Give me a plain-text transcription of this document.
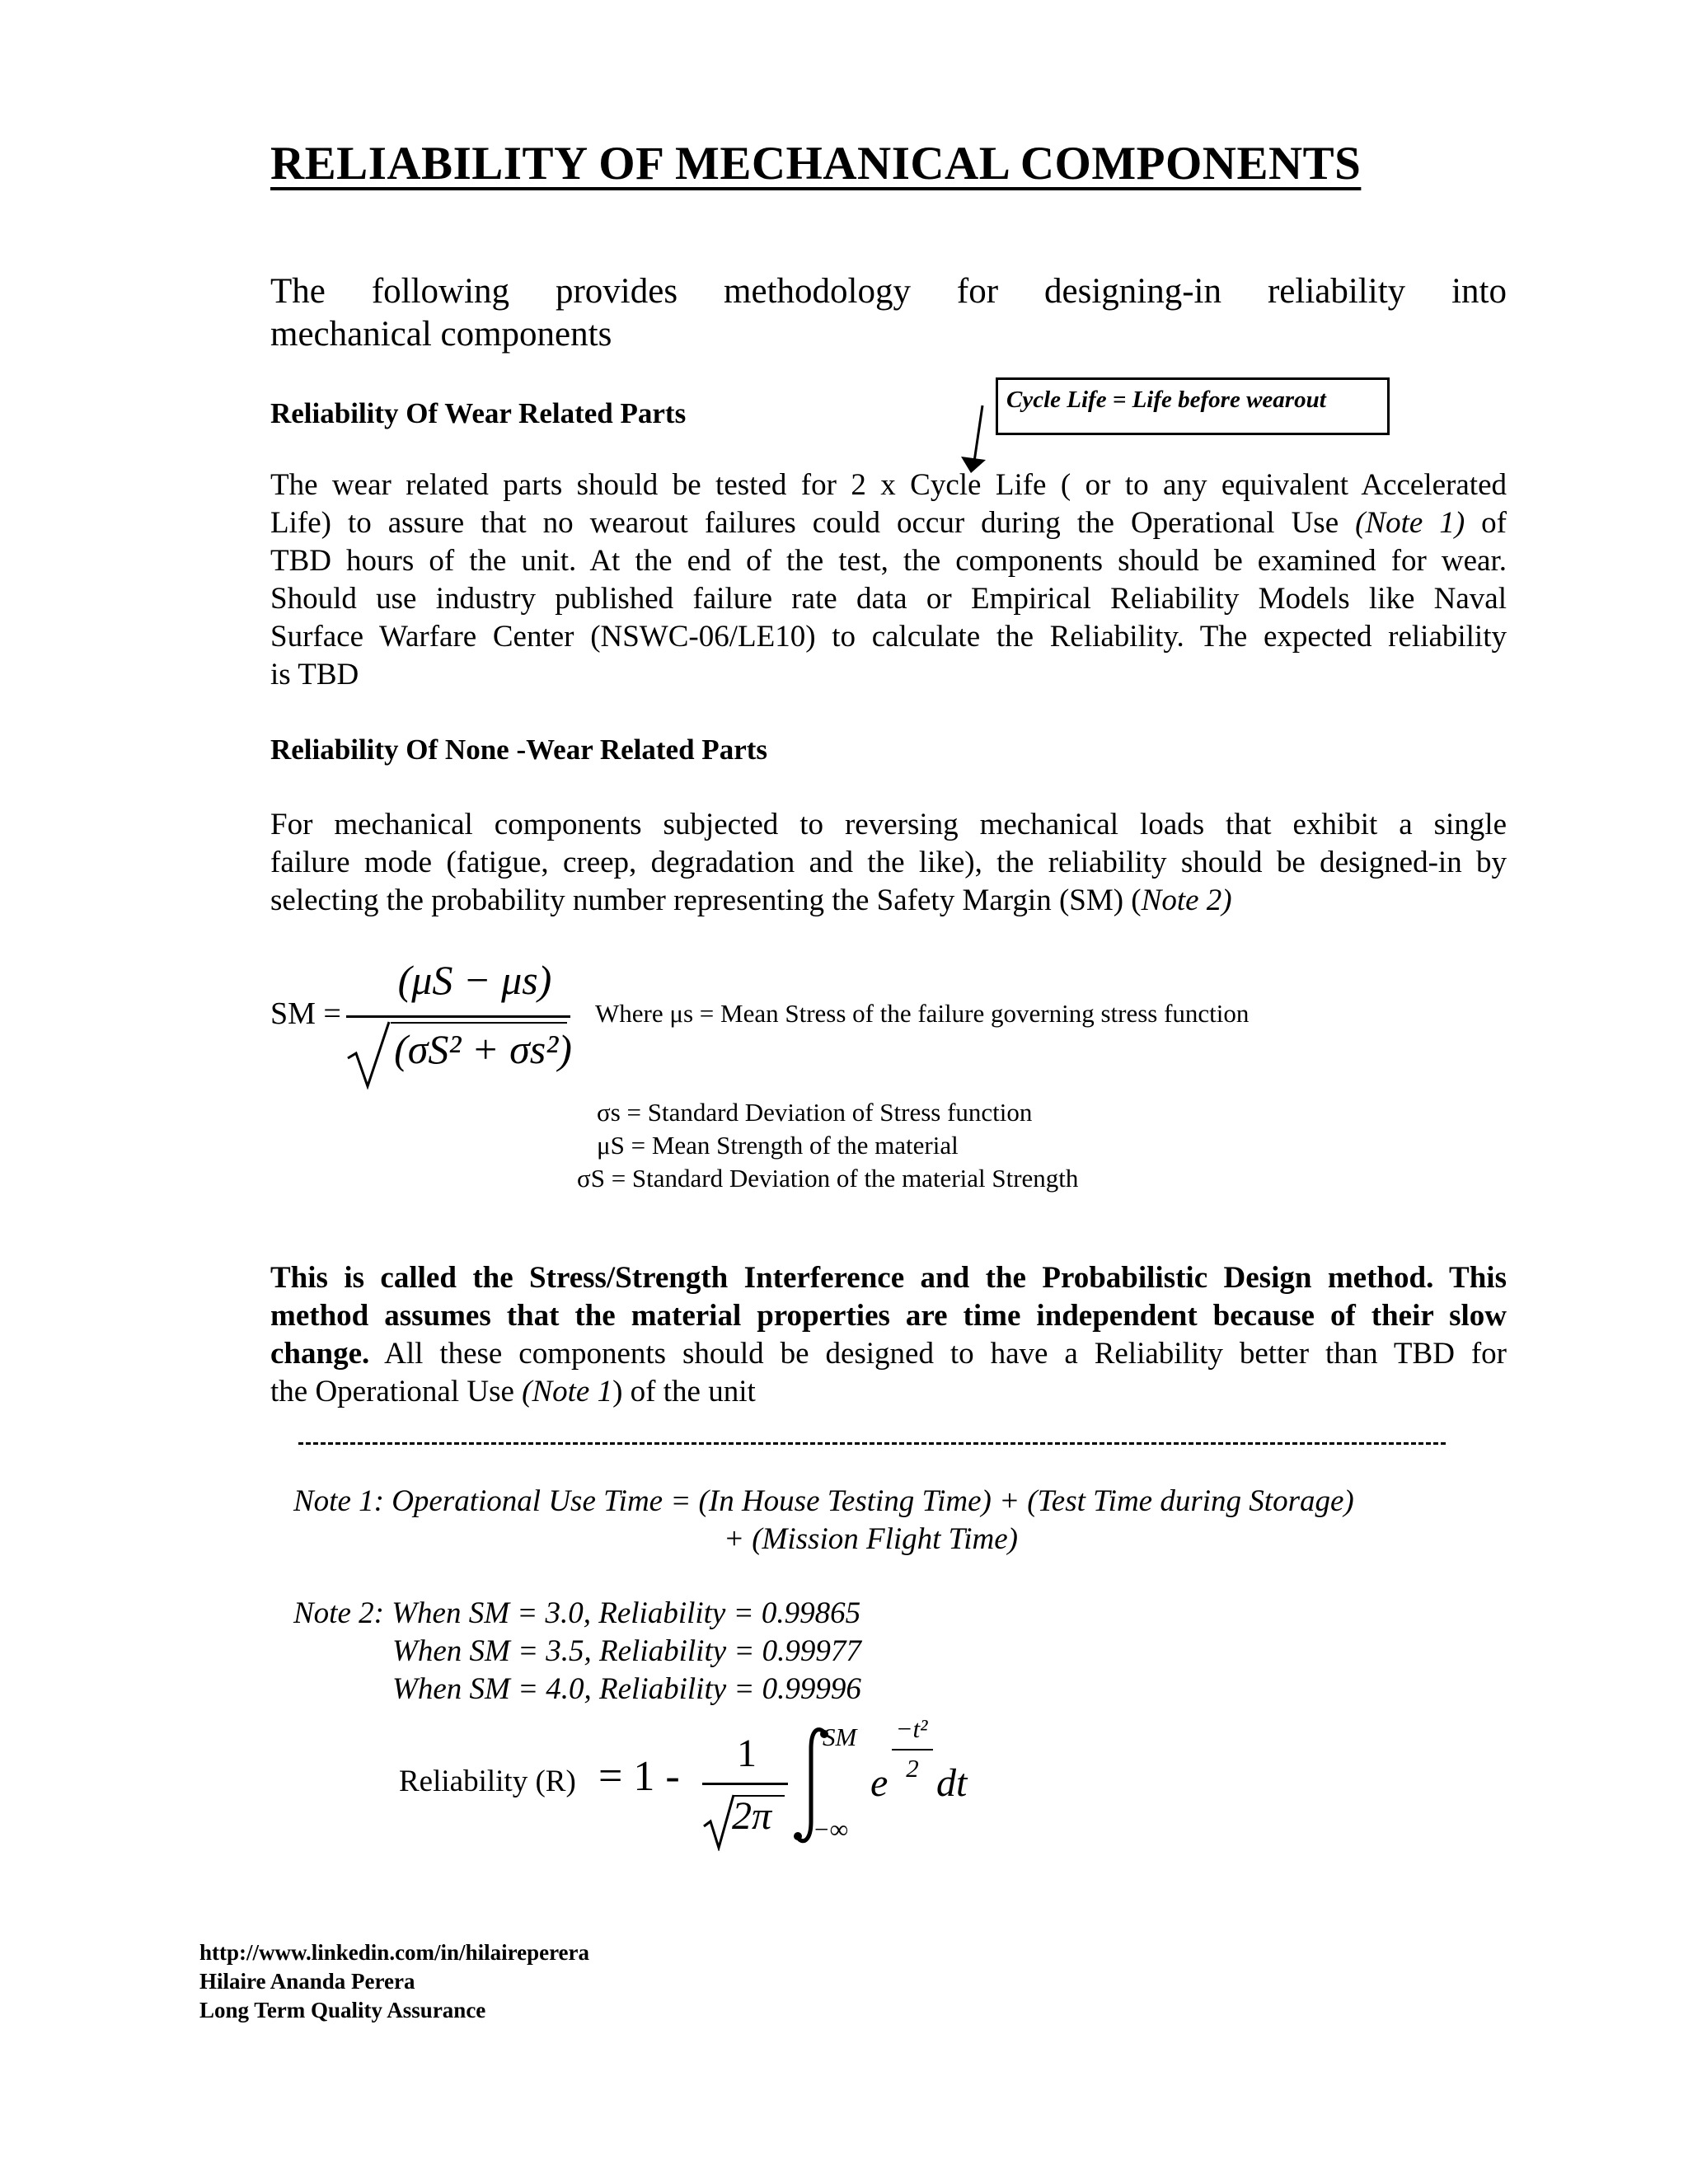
RELIABILITY OF MECHANICAL COMPONENTS
The following provides methodology for designing-in reliability into
mechanical components
Reliability Of Wear Related Parts	Cycle Life = Life before wearout
The wear related parts should be tested for 2 x Cycle Life ( or to any equivalent Accelerated
Life) to assure that no wearout failures could occur during the Operational Use (Note 1) of
TBD hours of the unit. At the end of the test, the components should be examined for wear.
Should use industry published failure rate data or Empirical Reliability Models like Naval
Surface Warfare Center (NSWC-06/LE10) to calculate the Reliability. The expected reliability
is TBD
Reliability Of None -Wear Related Parts
For mechanical components subjected to reversing mechanical loads that exhibit a single
failure mode (fatigue, creep, degradation and the like), the reliability should be designed-in by
selecting the probability number representing the Safety Margin (SM) (Note 2)
SM =
(μS − μs)
(σS² + σs²)
Where μs = Mean Stress of the failure governing stress function
σs = Standard Deviation of Stress function
μS = Mean Strength of the material
σS = Standard Deviation of the material Strength
This is called the Stress/Strength Interference and the Probabilistic Design method. This
method assumes that the material properties are time independent because of their slow
change. All these components should be designed to have a Reliability better than TBD for
the Operational Use (Note 1) of the unit
Note 1: Operational Use Time = (In House Testing Time) + (Test Time during Storage)
+ (Mission Flight Time)
Note 2: When SM = 3.0, Reliability = 0.99865
When SM = 3.5, Reliability = 0.99977
When SM = 4.0, Reliability = 0.99996
Reliability (R) = 1 -	1
2π
SM
−∞
e
−t²
2 dt
http://www.linkedin.com/in/hilaireperera
Hilaire Ananda Perera
Long Term Quality Assurance
